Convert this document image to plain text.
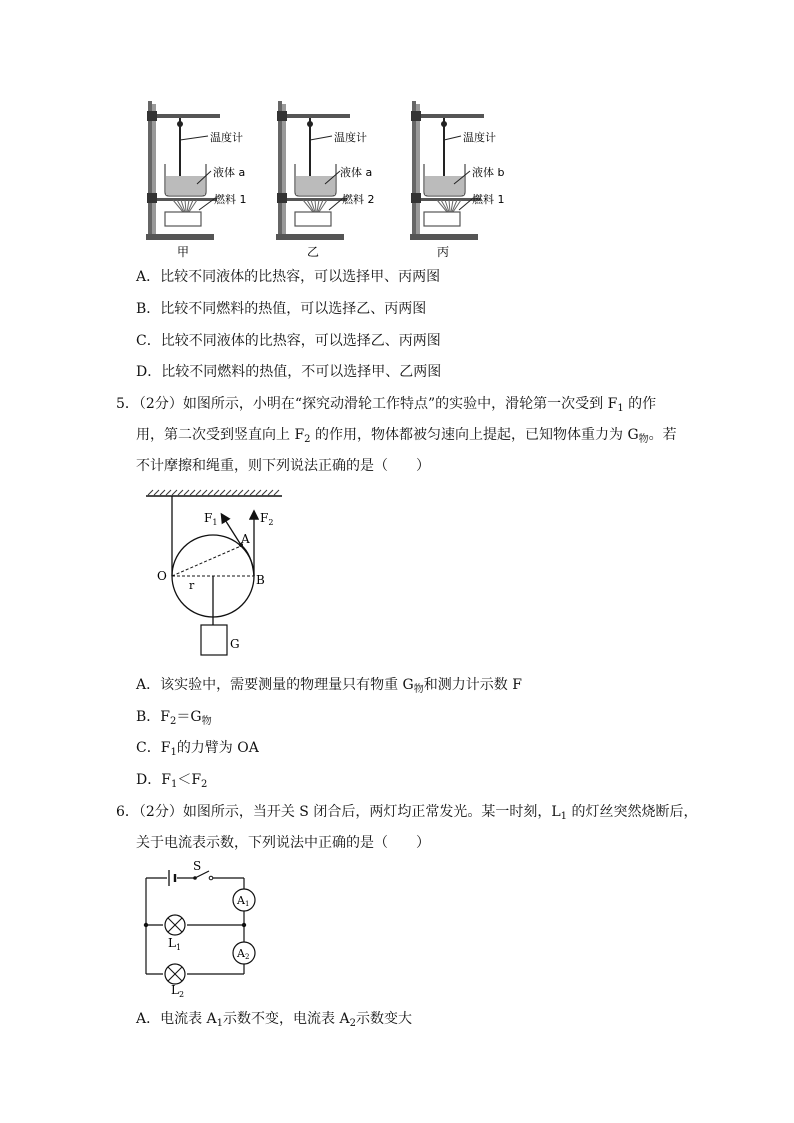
温度计
液体 a
燃料 1
甲
温度计
液体 a
燃料 2
乙
温度计
液体 b
燃料 1
丙
A．比较不同液体的比热容，可以选择甲、丙两图
B．比较不同燃料的热值，可以选择乙、丙两图
C．比较不同液体的比热容，可以选择乙、丙两图
D．比较不同燃料的热值，不可以选择甲、乙两图
5．（2分）如图所示，小明在“探究动滑轮工作特点”的实验中，滑轮第一次受到 $F_1$ 的作
用，第二次受到竖直向上 $F_2$ 的作用，物体都被匀速向上提起，已知物体重力为 $G_物$。若
不计摩擦和绳重，则下列说法正确的是（　　）
$F_1$	$F_2$
A
O	B
r
G
A．该实验中，需要测量的物理量只有物重 $G_物$和测力计示数 F
B．$F_2=G_物$
C．$F_1$的力臂为 OA
D．$F_1<F_2$
6．（2分）如图所示，当开关 S 闭合后，两灯均正常发光。某一时刻，$L_1$ 的灯丝突然烧断后，
关于电流表示数，下列说法中正确的是（　　）
S
A1
A2
$L_1$
$L_2$
A．电流表 $A_1$示数不变，电流表 $A_2$示数变大
